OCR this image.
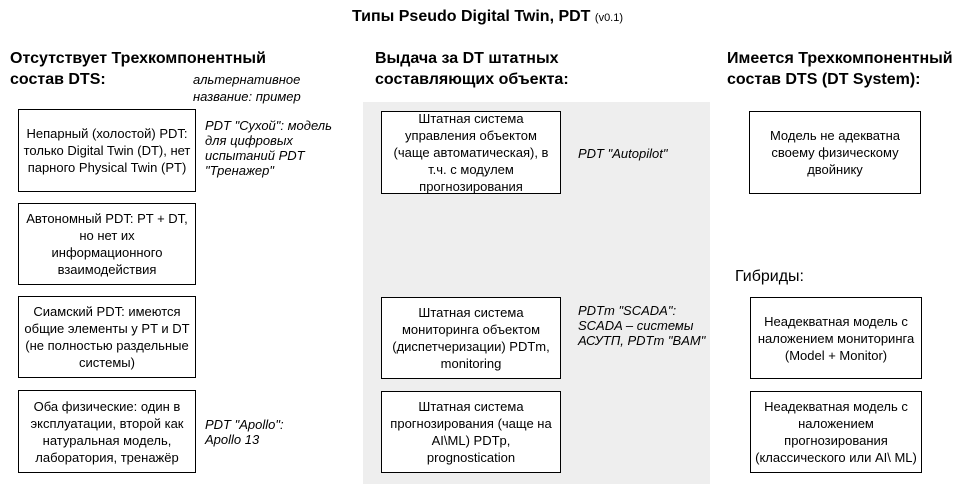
Типы Pseudo Digital Twin, PDT (v0.1)
Отсутствует Трехкомпонентный
состав DTS:	альтернативное
название: пример
Непарный (холостой) PDT: только Digital Twin (DT), нет парного Physical Twin (PT)
Автономный PDT: PT + DT, но нет их информационного взаимодействия
Сиамский PDT: имеются общие элементы у PT и DT (не полностью раздельные системы)
Оба физические: один в эксплуатации, второй как натуральная модель, лаборатория, тренажёр
PDT "Сухой": модель для цифровых испытаний PDT "Тренажер"
PDT "Apollo": Apollo 13
Выдача за DT штатных
составляющих объекта:
Штатная система управления объектом (чаще автоматическая), в т.ч. с модулем прогнозирования
Штатная система мониторинга объектом (диспетчеризации) PDTm, monitoring
Штатная система прогнозирования (чаще на AI\ML) PDTp, prognostication
PDT "Autopilot"
PDTm "SCADA": SCADA – системы АСУТП, PDTm "BAM"
Имеется Трехкомпонентный
состав DTS (DT System):
Модель не адекватна своему физическому двойнику
Гибриды:
Неадекватная модель с наложением мониторинга (Model + Monitor)
Неадекватная модель с наложением прогнозирования (классического или AI\ ML)
